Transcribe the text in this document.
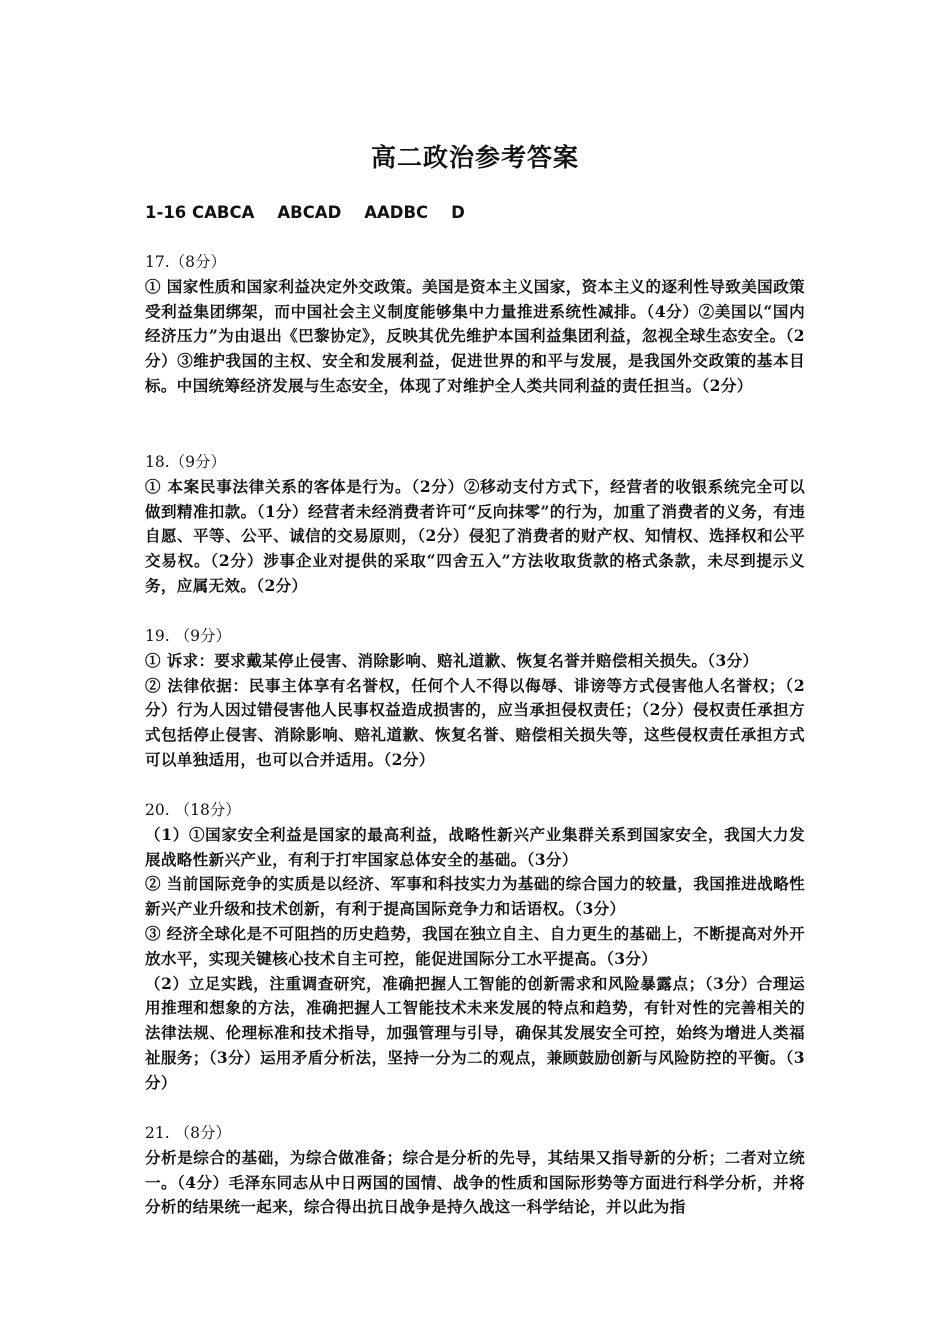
高二政治参考答案
1-16 CABCA    ABCAD    AADBC    D
17.（8分）
① 国家性质和国家利益决定外交政策。美国是资本主义国家，资本主义的逐利性导致美国政策受利益集团绑架，而中国社会主义制度能够集中力量推进系统性减排。（4分）②美国以“国内经济压力”为由退出《巴黎协定》，反映其优先维护本国利益集团利益，忽视全球生态安全。（2分）③维护我国的主权、安全和发展利益，促进世界的和平与发展，是我国外交政策的基本目标。中国统筹经济发展与生态安全，体现了对维护全人类共同利益的责任担当。（2分）
18.（9分）
① 本案民事法律关系的客体是行为。（2分）②移动支付方式下，经营者的收银系统完全可以做到精准扣款。（1分）经营者未经消费者许可“反向抹零”的行为，加重了消费者的义务，有违自愿、平等、公平、诚信的交易原则，（2分）侵犯了消费者的财产权、知情权、选择权和公平交易权。（2分）涉事企业对提供的采取“四舍五入”方法收取货款的格式条款，未尽到提示义务，应属无效。（2分）
19. （9分）
① 诉求：要求戴某停止侵害、消除影响、赔礼道歉、恢复名誉并赔偿相关损失。（3分）
② 法律依据：民事主体享有名誉权，任何个人不得以侮辱、诽谤等方式侵害他人名誉权；（2分）行为人因过错侵害他人民事权益造成损害的，应当承担侵权责任；（2分）侵权责任承担方式包括停止侵害、消除影响、赔礼道歉、恢复名誉、赔偿相关损失等，这些侵权责任承担方式可以单独适用，也可以合并适用。（2分）
20. （18分）
（1）①国家安全利益是国家的最高利益，战略性新兴产业集群关系到国家安全，我国大力发展战略性新兴产业，有利于打牢国家总体安全的基础。（3分）
② 当前国际竞争的实质是以经济、军事和科技实力为基础的综合国力的较量，我国推进战略性新兴产业升级和技术创新，有利于提高国际竞争力和话语权。（3分）
③ 经济全球化是不可阻挡的历史趋势，我国在独立自主、自力更生的基础上，不断提高对外开放水平，实现关键核心技术自主可控，能促进国际分工水平提高。（3分）
（2）立足实践，注重调查研究，准确把握人工智能的创新需求和风险暴露点；（3分）合理运用推理和想象的方法，准确把握人工智能技术未来发展的特点和趋势，有针对性的完善相关的法律法规、伦理标准和技术指导，加强管理与引导，确保其发展安全可控，始终为增进人类福祉服务；（3分）运用矛盾分析法，坚持一分为二的观点，兼顾鼓励创新与风险防控的平衡。（3分）
21. （8分）
分析是综合的基础，为综合做准备；综合是分析的先导，其结果又指导新的分析；二者对立统一。（4分）毛泽东同志从中日两国的国情、战争的性质和国际形势等方面进行科学分析，并将分析的结果统一起来，综合得出抗日战争是持久战这一科学结论，并以此为指
